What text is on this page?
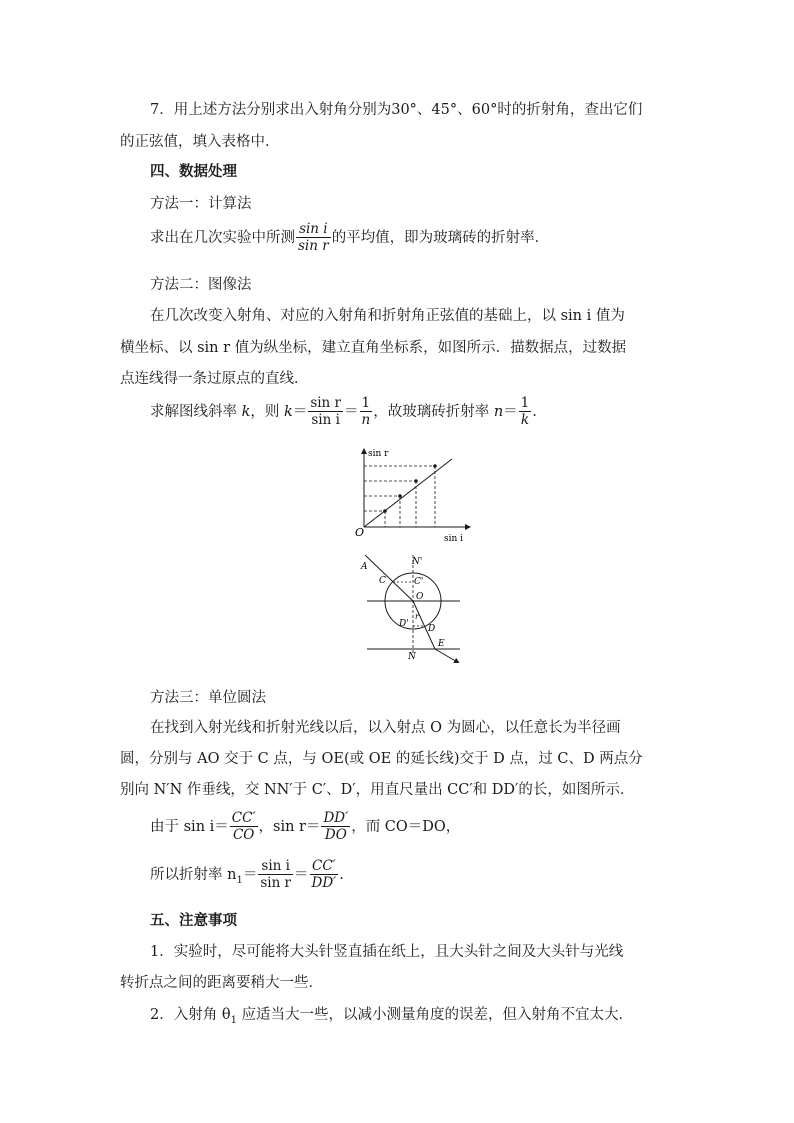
7．用上述方法分别求出入射角分别为30°、45°、60°时的折射角，查出它们
的正弦值，填入表格中．
四、数据处理
方法一：计算法
求出在几次实验中所测 $\frac{\text{sin i}}{\text{sin r}}$ 的平均值，即为玻璃砖的折射率．
方法二：图像法
在几次改变入射角、对应的入射角和折射角正弦值的基础上，以 sin i 值为
横坐标、以 sin r 值为纵坐标，建立直角坐标系，如图所示．描数据点，过数据
点连线得一条过原点的直线．
求解图线斜率 k，则 $k= \frac{\text{sin r}}{\text{sin i}} = \frac{1}{n}$ ，故玻璃砖折射率 $n= \frac{1}{k}$ .
sin r
sin i
O
A
C
N'
C'
O
D'
r
D
E
N
方法三：单位圆法
在找到入射光线和折射光线以后，以入射点 O 为圆心，以任意长为半径画
圆，分别与 AO 交于 C 点，与 OE(或 OE 的延长线)交于 D 点，过 C、D 两点分
别向 N′N 作垂线，交 NN′于 C′、D′，用直尺量出 CC′和 DD′的长，如图所示．
由于 $\sin i= \frac{CC'}{CO}$ ，$\sin r= \frac{DD'}{DO}$ ，而 CO＝DO，
所以折射率 $n_1= \frac{\text{sin i}}{\text{sin r}} = \frac{CC'}{DD'}$ .
五、注意事项
1．实验时，尽可能将大头针竖直插在纸上，且大头针之间及大头针与光线
转折点之间的距离要稍大一些．
2．入射角 $\theta_1$ 应适当大一些，以减小测量角度的误差，但入射角不宜太大．
